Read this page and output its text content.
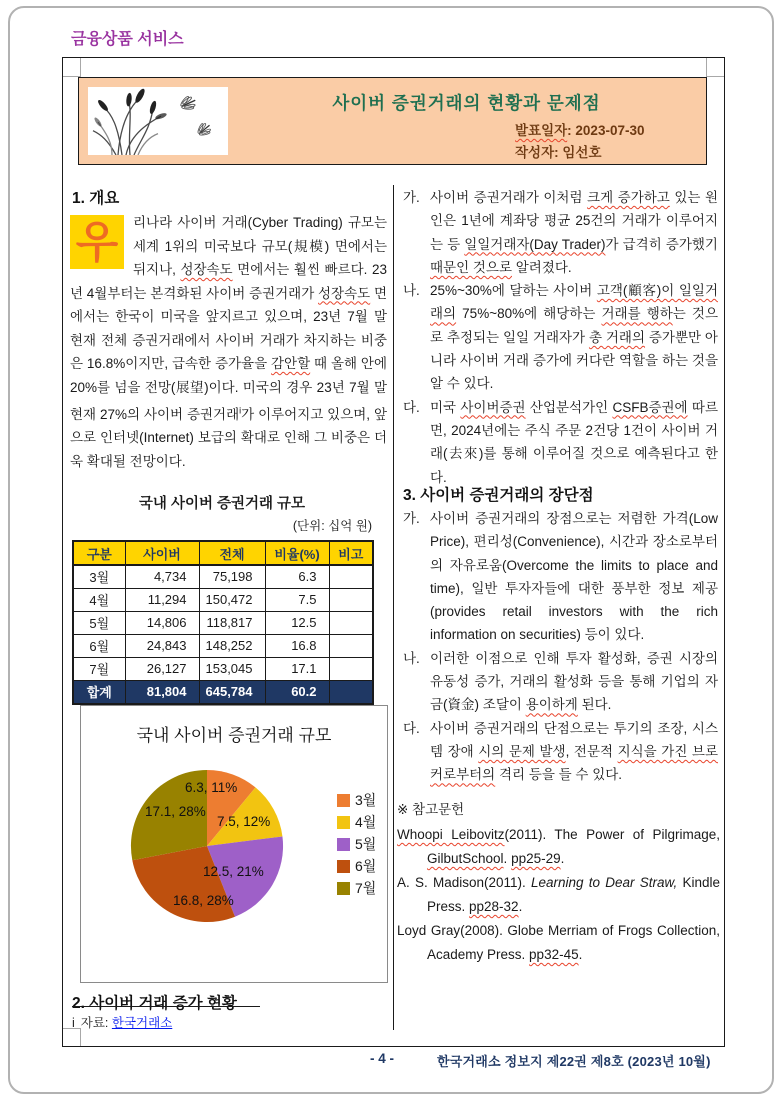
금융상품 서비스
사이버 증권거래의 현황과 문제점
발표일자: 2023-07-30
작성자: 임선호
1. 개요
우	리나라 사이버 거래(Cyber Trading) 규모는 세계 1위의 미국보다 규모(規模) 면에서는 뒤지나, 성장속도 면에서는 훨씬 빠르다. 23년 4월부터는 본격화된 사이버 증권거래가 성장속도 면에서는 한국이 미국을 앞지르고 있으며, 23년 7월 말 현재 전체 증권거래에서 사이버 거래가 차지하는 비중은 16.8%이지만, 급속한 증가율을 감안할 때 올해 안에 20%를 넘을 전망(展望)이다. 미국의 경우 23년 7월 말 현재 27%의 사이버 증권거래$^i$가 이루어지고 있으며, 앞으로 인터넷(Internet) 보급의 확대로 인해 그 비중은 더욱 확대될 전망이다.
국내 사이버 증권거래 규모
(단위: 십억 원)
구분	사이버	전체	비율(%)	비고
3월	4,734	75,198	6.3	
4월	11,294	150,472	7.5	
5월	14,806	118,817	12.5	
6월	24,843	148,252	16.8	
7월	26,127	153,045	17.1	
합계	81,804	645,784	60.2	
국내 사이버 증권거래 규모
6.3, 11%
7.5, 12%
12.5, 21%
16.8, 28%
17.1, 28%
3월
4월
5월
6월
7월
2. 사이버 거래 증가 현황
i 자료: 한국거래소
가. 사이버 증권거래가 이처럼 크게 증가하고 있는 원인은 1년에 계좌당 평균 25건의 거래가 이루어지는 등 일일거래자(Day Trader)가 급격히 증가했기 때문인 것으로 알려졌다.
나. 25%~30%에 달하는 사이버 고객(顧客)이 일일거래의 75%~80%에 해당하는 거래를 행하는 것으로 추정되는 일일 거래자가 총 거래의 증가뿐만 아니라 사이버 거래 증가에 커다란 역할을 하는 것을 알 수 있다.
다. 미국 사이버증권 산업분석가인 CSFB증권에 따르면, 2024년에는 주식 주문 2건당 1건이 사이버 거래(去來)를 통해 이루어질 것으로 예측된다고 한다.
3. 사이버 증권거래의 장단점
가. 사이버 증권거래의 장점으로는 저렴한 가격(Low Price), 편리성(Convenience), 시간과 장소로부터의 자유로움(Overcome the limits to place and time), 일반 투자자들에 대한 풍부한 정보 제공(provides retail investors with the rich information on securities) 등이 있다.
나. 이러한 이점으로 인해 투자 활성화, 증권 시장의 유동성 증가, 거래의 활성화 등을 통해 기업의 자금(資金) 조달이 용이하게 된다.
다. 사이버 증권거래의 단점으로는 투기의 조장, 시스템 장애 시의 문제 발생, 전문적 지식을 가진 브로커로부터의 격리 등을 들 수 있다.
※ 참고문헌
Whoopi Leibovitz(2011). The Power of Pilgrimage, GilbutSchool. pp25-29.
A. S. Madison(2011). Learning to Dear Straw, Kindle Press. pp28-32.
Loyd Gray(2008). Globe Merriam of Frogs Collection, Academy Press. pp32-45.
- 4 -	한국거래소 정보지 제22권 제8호 (2023년 10월)
